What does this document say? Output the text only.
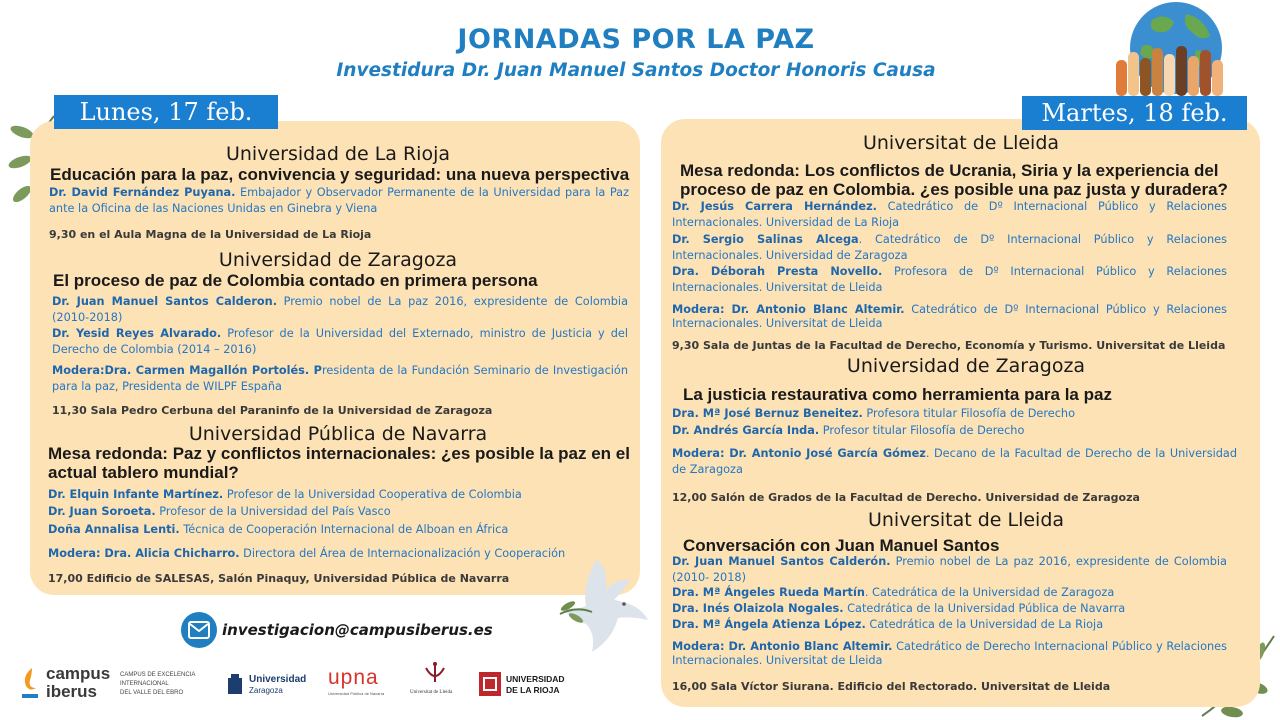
JORNADAS POR LA PAZ
Investidura Dr. Juan Manuel Santos Doctor Honoris Causa
Lunes, 17 feb.	Martes, 18 feb.
Universidad de La Rioja
Educación para la paz, convivencia y seguridad: una nueva perspectiva
Dr. David Fernández Puyana. Embajador y Observador Permanente de la Universidad para la Paz ante la Oficina de las Naciones Unidas en Ginebra y Viena
9,30 en el Aula Magna de la Universidad de La Rioja
Universidad de Zaragoza
El proceso de paz de Colombia contado en primera persona
Dr. Juan Manuel Santos Calderon. Premio nobel de La paz 2016, expresidente de Colombia (2010-2018)
Dr. Yesid Reyes Alvarado. Profesor de la Universidad del Externado, ministro de Justicia y del Derecho de Colombia (2014 – 2016)
Modera:Dra. Carmen Magallón Portolés. Presidenta de la Fundación Seminario de Investigación para la paz, Presidenta de WILPF España
11,30 Sala Pedro Cerbuna del Paraninfo de la Universidad de Zaragoza
Universidad Pública de Navarra
Mesa redonda: Paz y conflictos internacionales: ¿es posible la paz en el actual tablero mundial?
Dr. Elquin Infante Martínez. Profesor de la Universidad Cooperativa de Colombia
Dr. Juan Soroeta. Profesor de la Universidad del País Vasco
Doña Annalisa Lenti. Técnica de Cooperación Internacional de Alboan en África
Modera: Dra. Alicia Chicharro. Directora del Área de Internacionalización y Cooperación
17,00 Edificio de SALESAS, Salón Pinaquy, Universidad Pública de Navarra
Universitat de Lleida
Mesa redonda: Los conflictos de Ucrania, Siria y la experiencia del proceso de paz en Colombia. ¿es posible una paz justa y duradera?
Dr. Jesús Carrera Hernández. Catedrático de Dº Internacional Público y Relaciones Internacionales. Universidad de La Rioja
Dr. Sergio Salinas Alcega. Catedrático de Dº Internacional Público y Relaciones Internacionales. Universidad de Zaragoza
Dra. Déborah Presta Novello. Profesora de Dº Internacional Público y Relaciones Internacionales. Universitat de Lleida
Modera: Dr. Antonio Blanc Altemir. Catedrático de Dº Internacional Público y Relaciones Internacionales. Universitat de Lleida
9,30 Sala de Juntas de la Facultad de Derecho, Economía y Turismo. Universitat de Lleida
Universidad de Zaragoza
La justicia restaurativa como herramienta para la paz
Dra. Mª José Bernuz Beneitez. Profesora titular Filosofía de Derecho
Dr. Andrés García Inda. Profesor titular Filosofía de Derecho
Modera: Dr. Antonio José García Gómez. Decano de la Facultad de Derecho de la Universidad de Zaragoza
12,00 Salón de Grados de la Facultad de Derecho. Universidad de Zaragoza
Universitat de Lleida
Conversación con Juan Manuel Santos
Dr. Juan Manuel Santos Calderón. Premio nobel de La paz 2016, expresidente de Colombia (2010- 2018)
Dra. Mª Ángeles Rueda Martín. Catedrática de la Universidad de Zaragoza
Dra. Inés Olaizola Nogales. Catedrática de la Universidad Pública de Navarra
Dra. Mª Ángela Atienza López. Catedrática de la Universidad de La Rioja
Modera: Dr. Antonio Blanc Altemir. Catedrático de Derecho Internacional Público y Relaciones Internacionales. Universitat de Lleida
16,00 Sala Víctor Siurana. Edificio del Rectorado. Universitat de Lleida
investigacion@campusiberus.es
campus
iberus
CAMPUS DE EXCELENCIA
INTERNACIONAL
DEL VALLE DEL EBRO
Universidad
Zaragoza
upna
Universidad Pública de Navarra	Universitat de Lleida
UNIVERSIDAD
DE LA RIOJA
